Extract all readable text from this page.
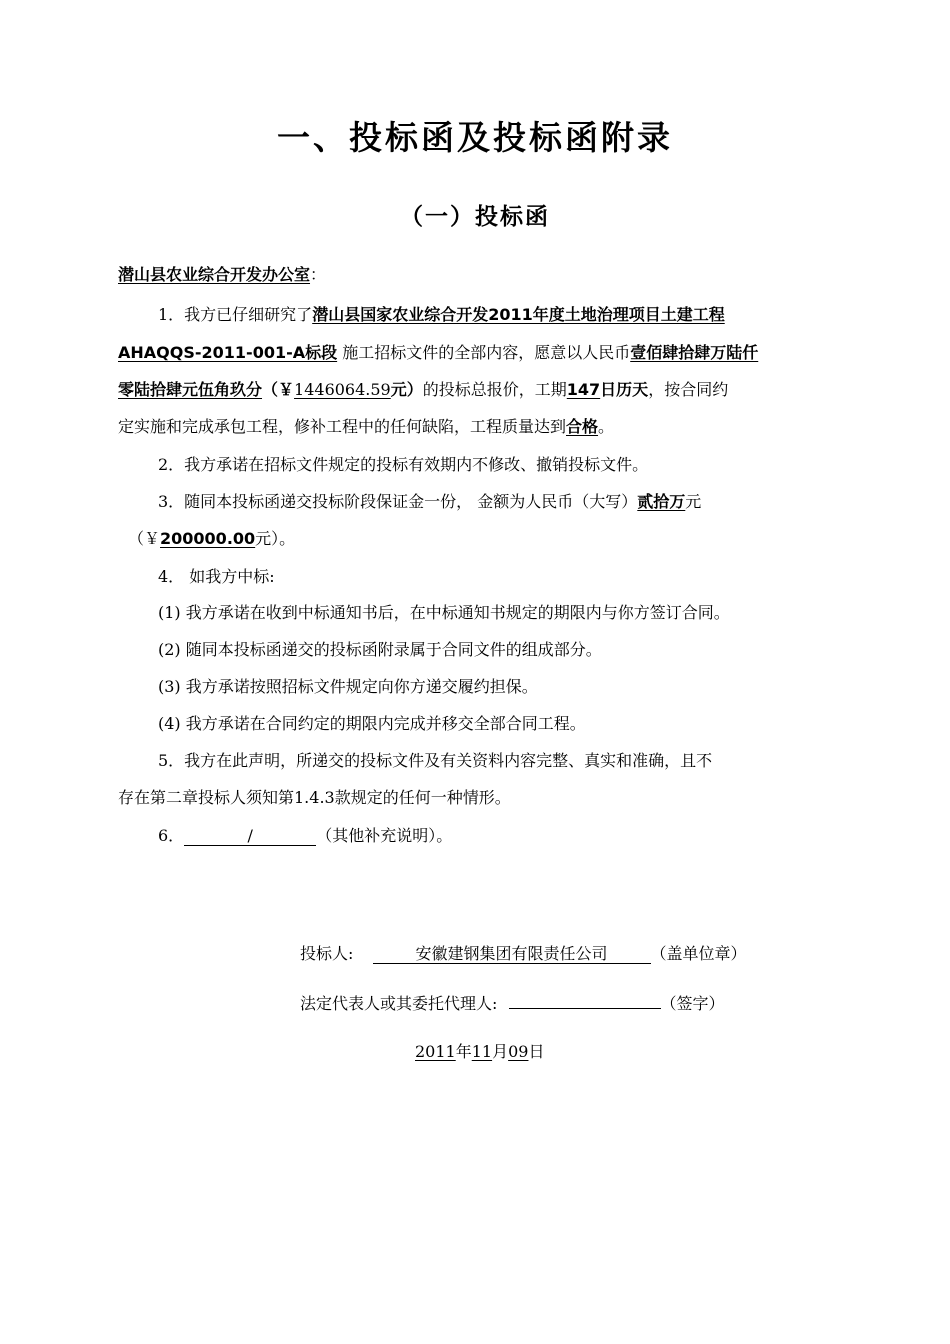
一、投标函及投标函附录
（一）投标函
潜山县农业综合开发办公室：
1．我方已仔细研究了潜山县国家农业综合开发2011年度土地治理项目土建工程
AHAQQS-2011-001-A标段 施工招标文件的全部内容，愿意以人民币壹佰肆拾肆万陆仟
零陆拾肆元伍角玖分（￥1446064.59元）的投标总报价，工期147日历天，按合同约
定实施和完成承包工程，修补工程中的任何缺陷，工程质量达到合格。
2．我方承诺在招标文件规定的投标有效期内不修改、撤销投标文件。
3．随同本投标函递交投标阶段保证金一份， 金额为人民币（大写）贰拾万元
（￥200000.00元）。
4． 如我方中标:
(1) 我方承诺在收到中标通知书后，在中标通知书规定的期限内与你方签订合同。
(2) 随同本投标函递交的投标函附录属于合同文件的组成部分。
(3) 我方承诺按照招标文件规定向你方递交履约担保。
(4) 我方承诺在合同约定的期限内完成并移交全部合同工程。
5．我方在此声明，所递交的投标文件及有关资料内容完整、真实和准确，且不
存在第二章投标人须知第1.4.3款规定的任何一种情形。
6．	/	（其他补充说明）。
投标人:	安徽建钢集团有限责任公司	（盖单位章）
法定代表人或其委托代理人:	（签字）
2011年11月09日
